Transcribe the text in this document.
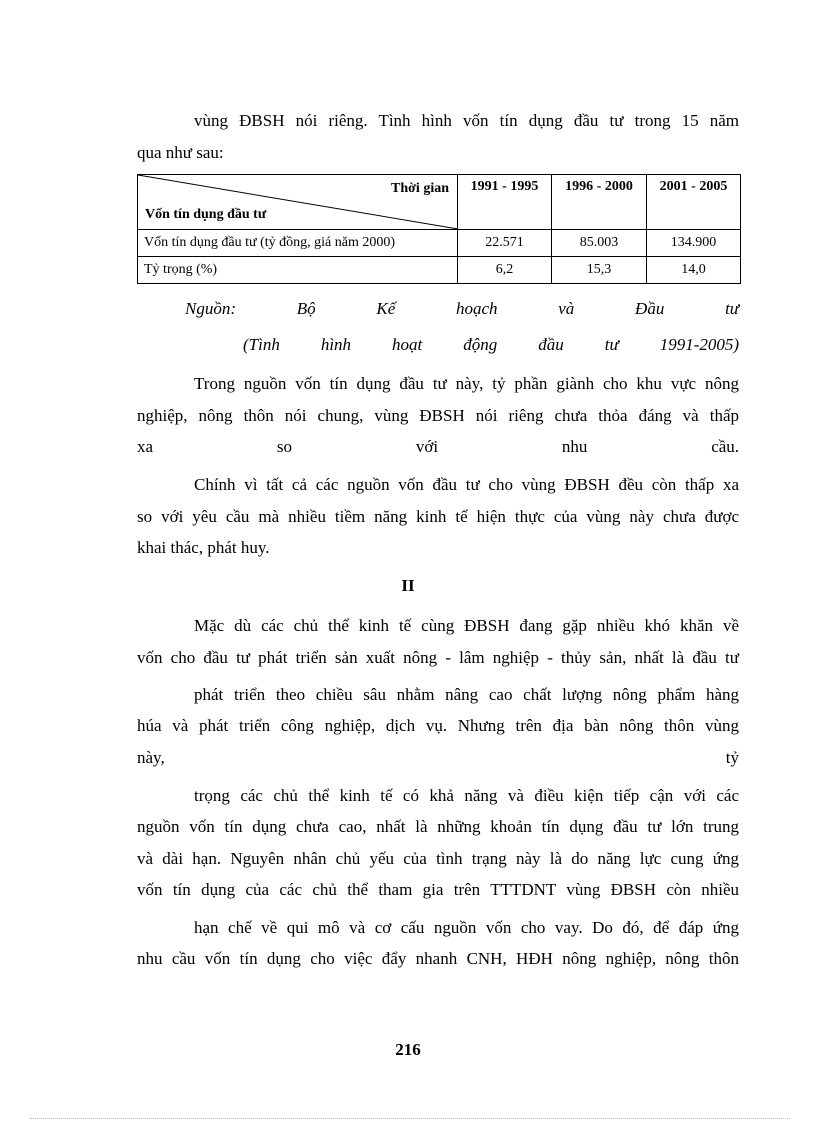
vùng ĐBSH nói riêng. Tình hình vốn tín dụng đầu tư trong 15 năm

qua như sau:

Thời gian
Vốn tín dụng đầu tư	1991 - 1995	1996 - 2000	2001 - 2005
Vốn tín dụng đầu tư (tỷ đồng, giá năm 2000)	22.571	85.003	134.900
Tỷ trọng (%)	6,2	15,3	14,0

Nguồn:	Bộ	Kế	hoạch	và	Đầu	tư

(Tình hình hoạt động đầu tư 1991-2005)

Trong nguồn vốn tín dụng đầu tư này, tỷ phần giành cho khu vực nông

nghiệp, nông thôn nói chung, vùng ĐBSH nói riêng chưa thỏa đáng và thấp

xa	so	với	nhu	cầu.

Chính vì tất cả các nguồn vốn đầu tư cho vùng ĐBSH đều còn thấp xa

so với yêu cầu mà nhiều tiềm năng kinh tế hiện thực của vùng này chưa được

khai thác, phát huy.

II

Mặc dù các chủ thể kinh tế cùng ĐBSH đang gặp nhiều khó khăn về

vốn cho đầu tư phát triển sản xuất nông - lâm nghiệp - thủy sản, nhất là đầu tư

phát triển theo chiều sâu nhằm nâng cao chất lượng nông phẩm hàng

húa và phát triển công nghiệp, dịch vụ. Nhưng trên địa bàn nông thôn vùng

này,	tỷ

trọng các chủ thể kinh tế có khả năng và điều kiện tiếp cận với các

nguồn vốn tín dụng chưa cao, nhất là những khoản tín dụng đầu tư lớn trung

và dài hạn. Nguyên nhân chủ yếu của tình trạng này là do năng lực cung ứng

vốn tín dụng của các chủ thể tham gia trên TTTDNT vùng ĐBSH còn nhiều

hạn chế về qui mô và cơ cấu nguồn vốn cho vay. Do đó, để đáp ứng

nhu cầu vốn tín dụng cho việc đẩy nhanh CNH, HĐH nông nghiệp, nông thôn

216
